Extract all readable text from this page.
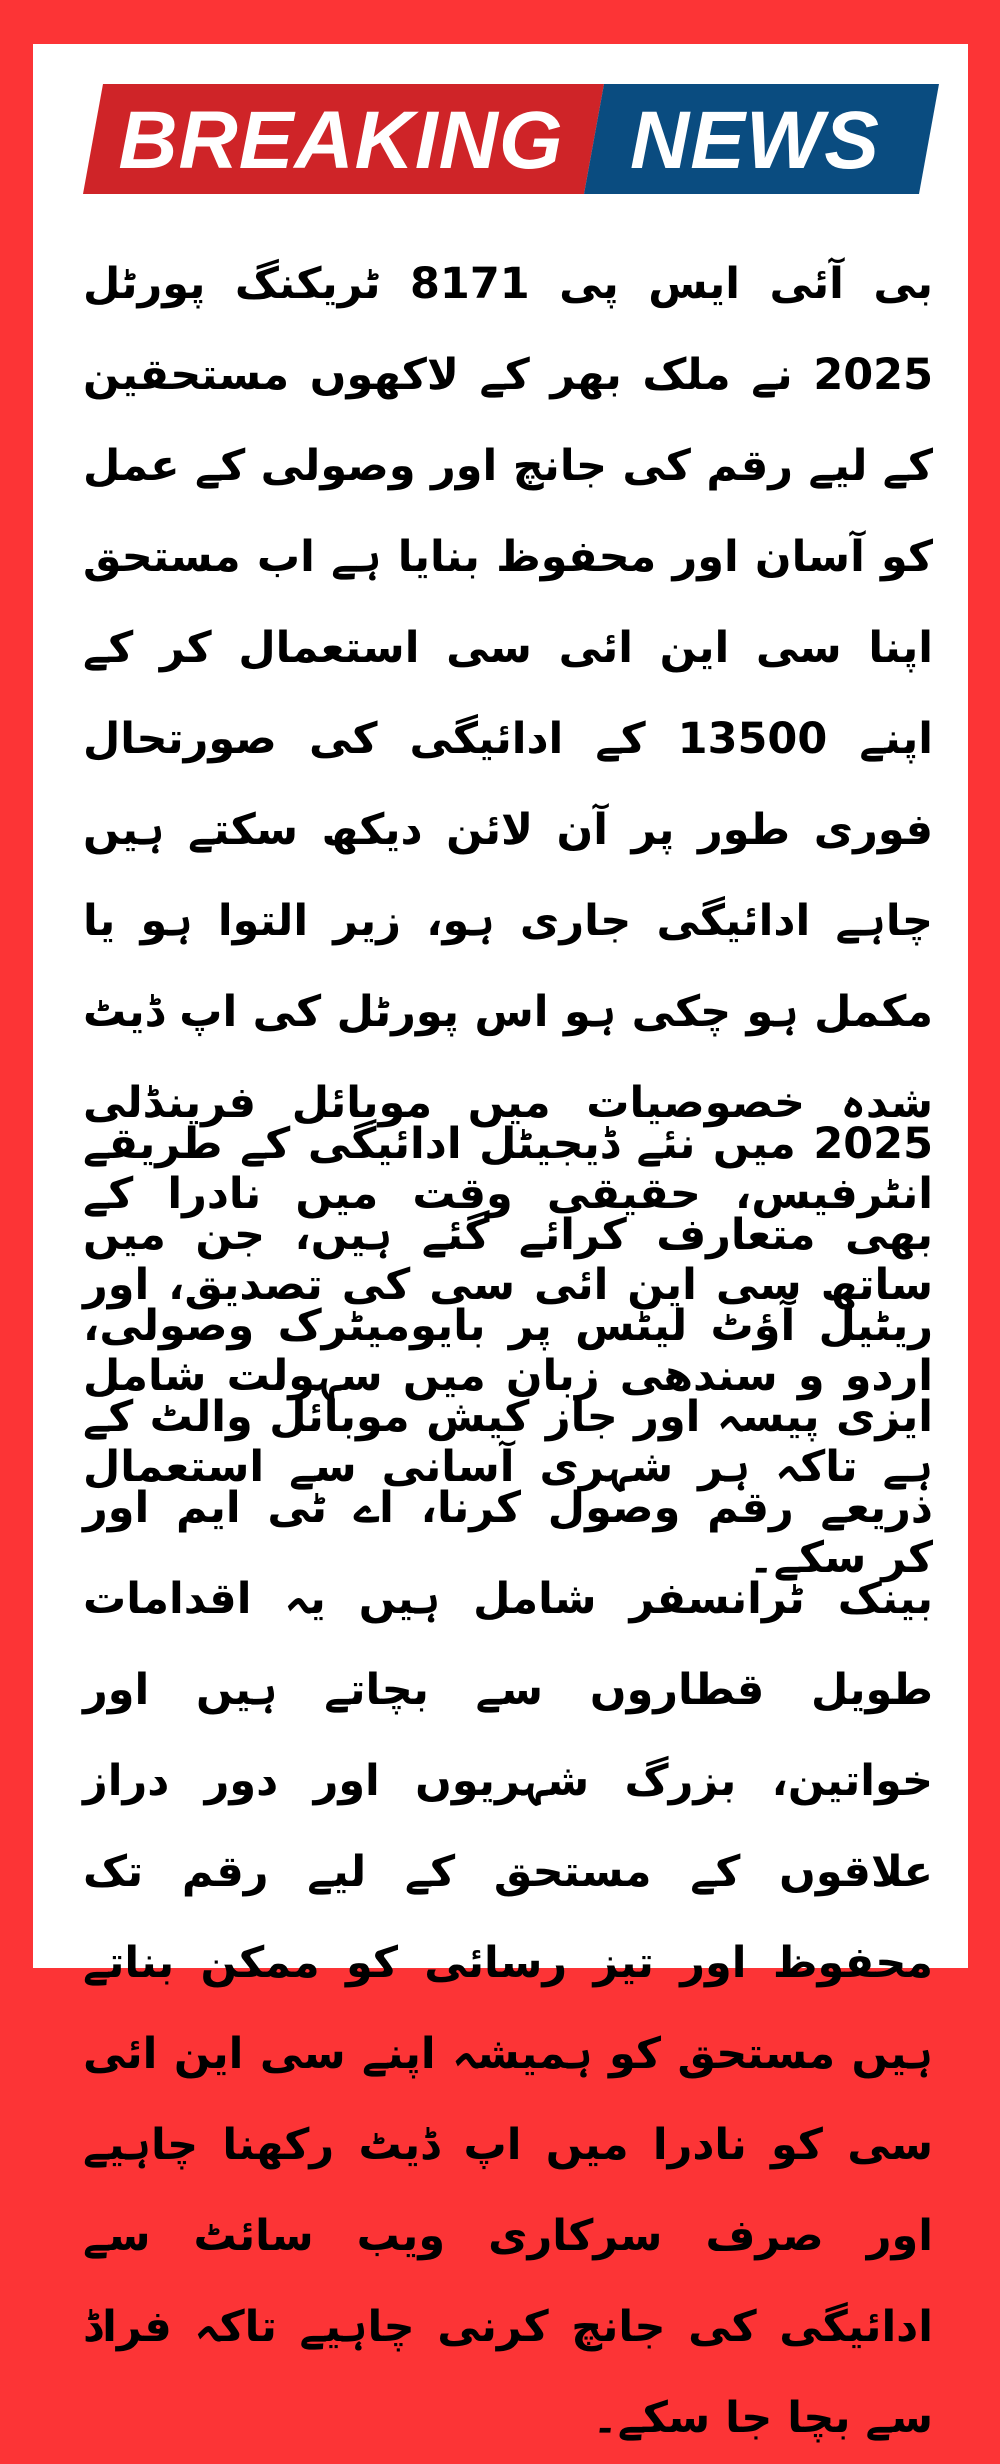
BREAKING NEWS

بی آئی ایس پی 8171 ٹریکنگ پورٹل 2025 نے ملک بھر کے لاکھوں مستحقین کے لیے رقم کی جانچ اور وصولی کے عمل کو آسان اور محفوظ بنایا ہے اب مستحق اپنا سی این ائی سی استعمال کر کے اپنے 13500 کے ادائیگی کی صورتحال فوری طور پر آن لائن دیکھ سکتے ہیں چاہے ادائیگی جاری ہو، زیر التوا ہو یا مکمل ہو چکی ہو اس پورٹل کی اپ ڈیٹ شدہ خصوصیات میں موبائل فرینڈلی انٹرفیس، حقیقی وقت میں نادرا کے ساتھ سی این ائی سی کی تصدیق، اور اردو و سندھی زبان میں سہولت شامل ہے تاکہ ہر شہری آسانی سے استعمال کر سکے۔

2025 میں نئے ڈیجیٹل ادائیگی کے طریقے بھی متعارف کرائے گئے ہیں، جن میں ریٹیل آؤٹ لیٹس پر بایومیٹرک وصولی، ایزی پیسہ اور جاز کیش موبائل والٹ کے ذریعے رقم وصول کرنا، اے ٹی ایم اور بینک ٹرانسفر شامل ہیں یہ اقدامات طویل قطاروں سے بچاتے ہیں اور خواتین، بزرگ شہریوں اور دور دراز علاقوں کے مستحق کے لیے رقم تک محفوظ اور تیز رسائی کو ممکن بناتے ہیں مستحق کو ہمیشہ اپنے سی این ائی سی کو نادرا میں اپ ڈیٹ رکھنا چاہیے اور صرف سرکاری ویب سائٹ سے ادائیگی کی جانچ کرنی چاہیے تاکہ فراڈ سے بچا جا سکے۔
